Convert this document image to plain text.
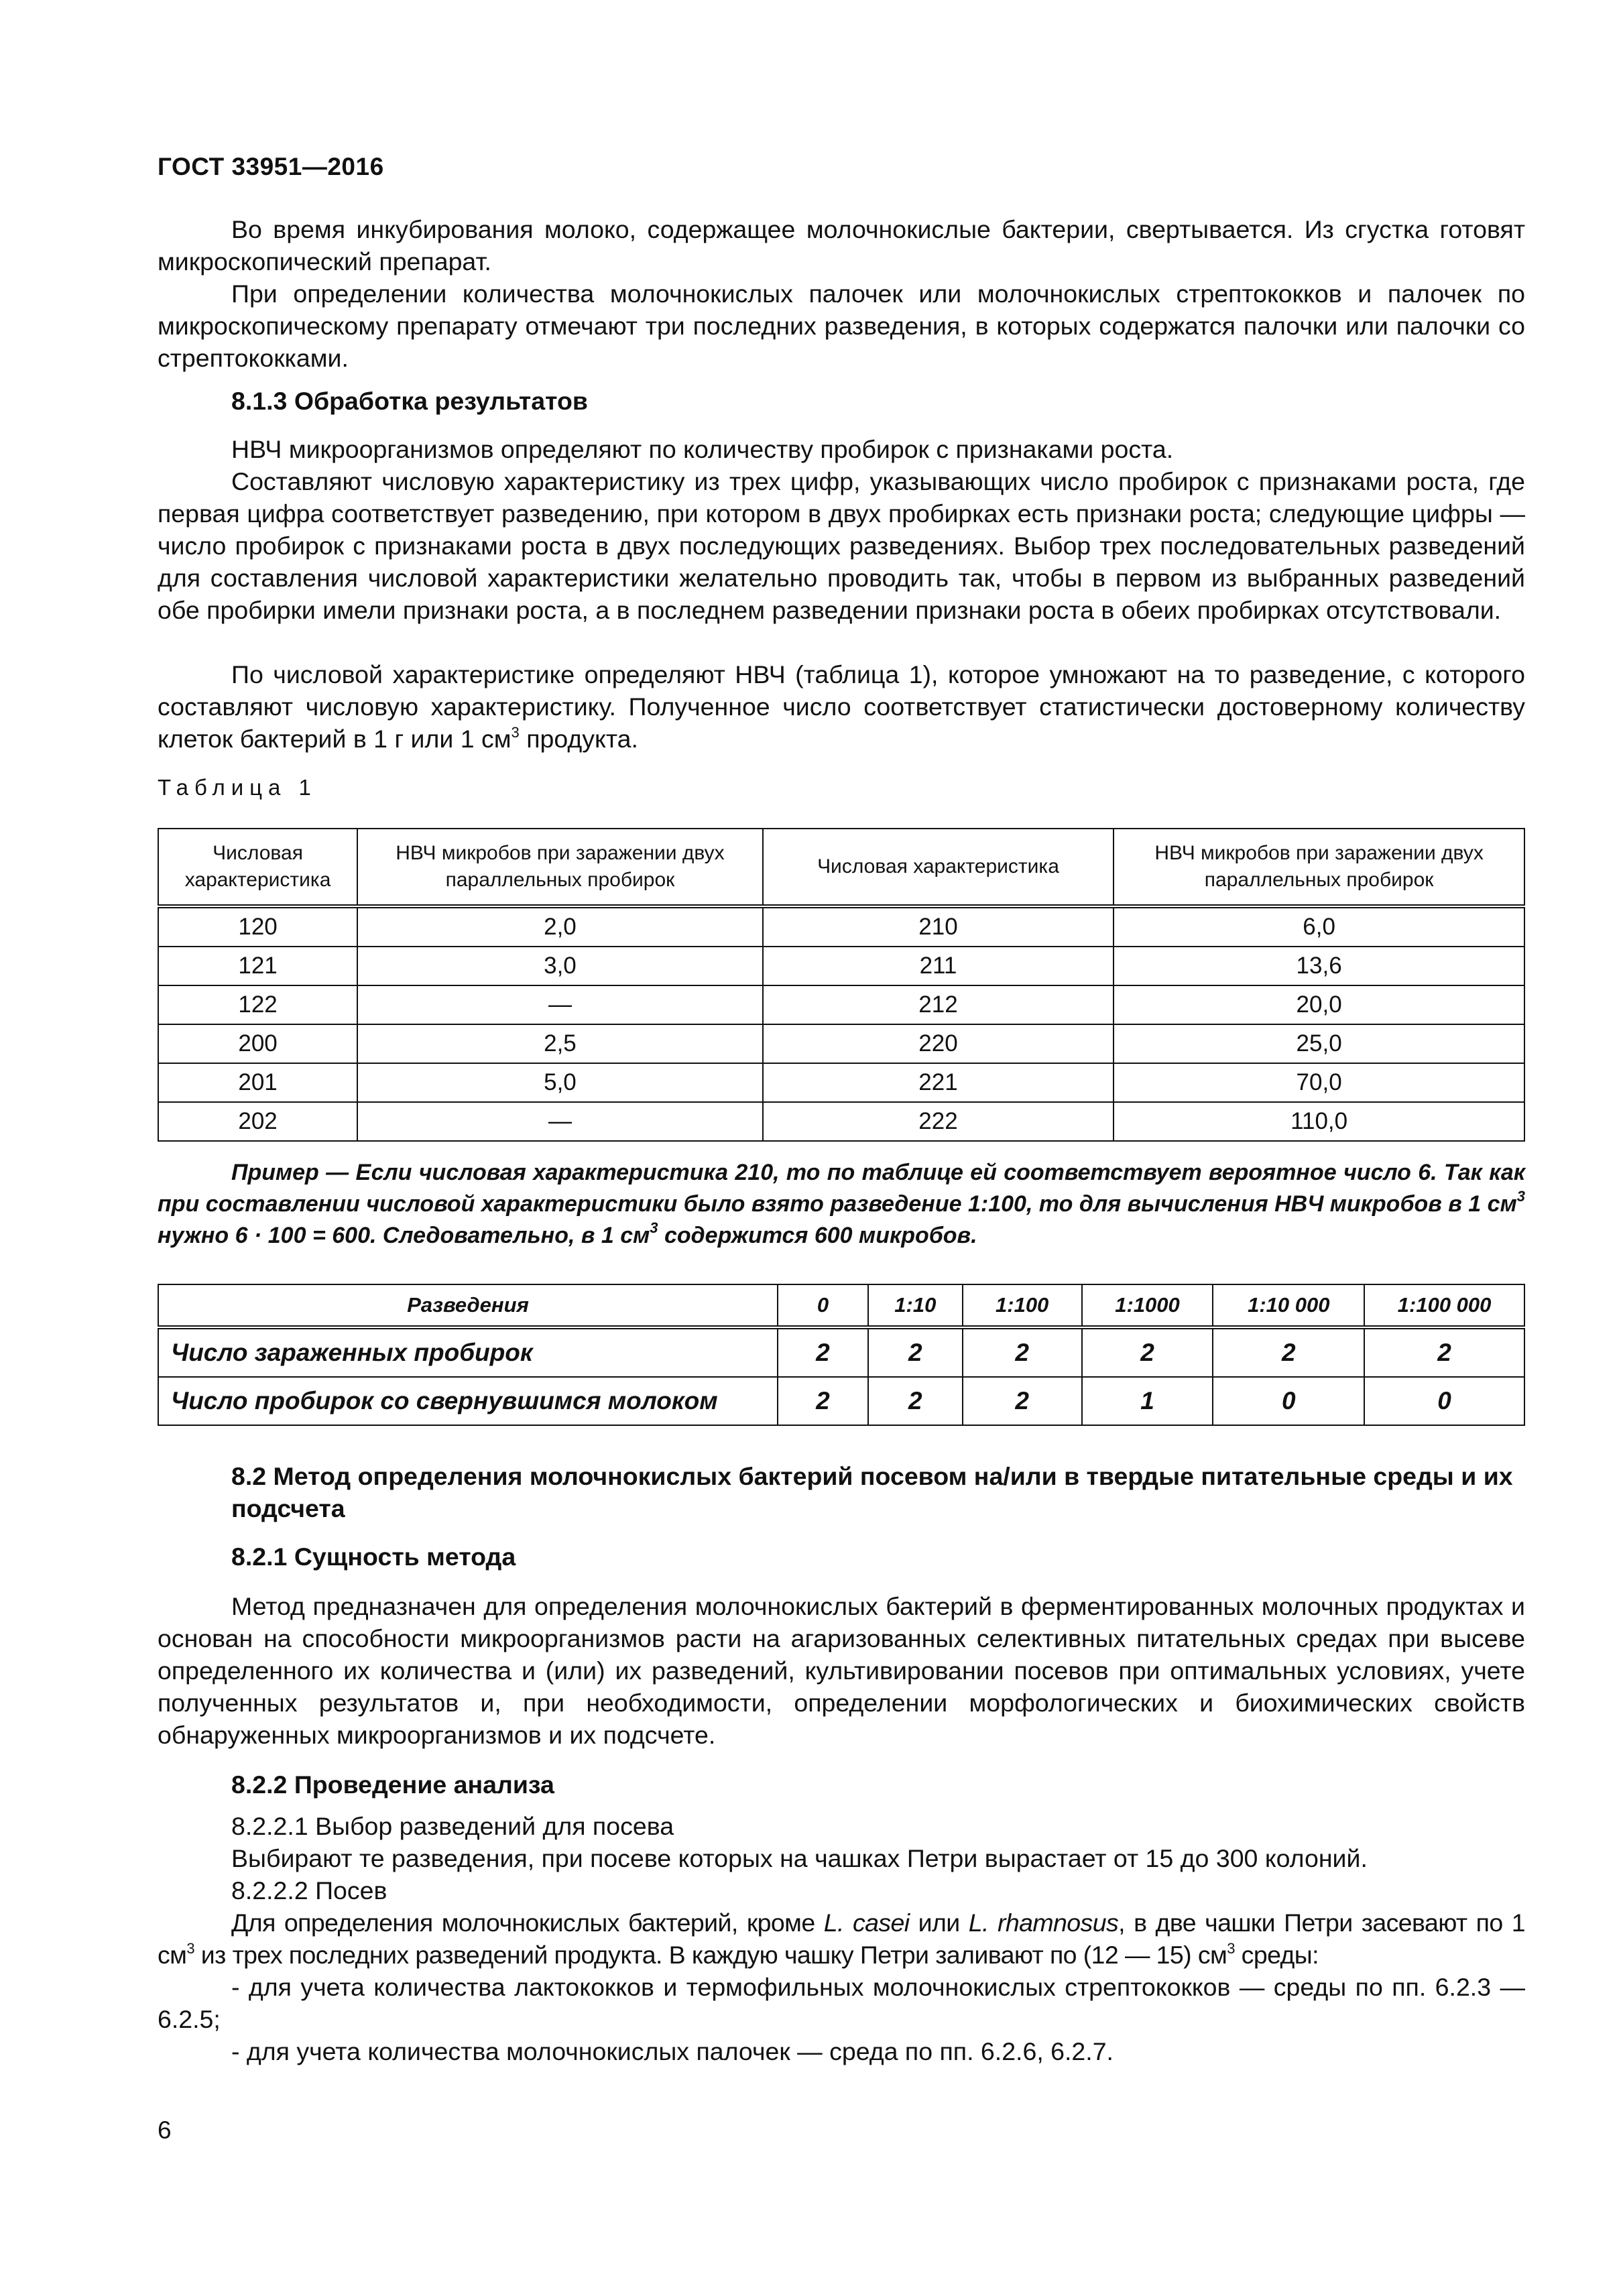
ГОСТ 33951—2016

Во время инкубирования молоко, содержащее молочнокислые бактерии, свертывается. Из сгустка готовят микроскопический препарат.

При определении количества молочнокислых палочек или молочнокислых стрептококков и палочек по микроскопическому препарату отмечают три последних разведения, в которых содержатся палочки или палочки со стрептококками.

8.1.3 Обработка результатов

НВЧ микроорганизмов определяют по количеству пробирок с признаками роста.

Составляют числовую характеристику из трех цифр, указывающих число пробирок с признаками роста, где первая цифра соответствует разведению, при котором в двух пробирках есть признаки роста; следующие цифры — число пробирок с признаками роста в двух последующих разведениях. Выбор трех последовательных разведений для составления числовой характеристики желательно проводить так, чтобы в первом из выбранных разведений обе пробирки имели признаки роста, а в последнем разведении признаки роста в обеих пробирках отсутствовали.

По числовой характеристике определяют НВЧ (таблица 1), которое умножают на то разведение, с которого составляют числовую характеристику. Полученное число соответствует статистически достоверному количеству клеток бактерий в 1 г или 1 $см^3$ продукта.

Таблица 1
Числовая характеристика	НВЧ микробов при заражении двух параллельных пробирок	Числовая характеристика	НВЧ микробов при заражении двух параллельных пробирок
120	2,0	210	6,0
121	3,0	211	13,6
122	—	212	20,0
200	2,5	220	25,0
201	5,0	221	70,0
202	—	222	110,0

Пример — Если числовая характеристика 210, то по таблице ей соответствует вероятное число 6. Так как при составлении числовой характеристики было взято разведение 1:100, то для вычисления НВЧ микробов в 1 $см^3$ нужно 6 · 100 = 600. Следовательно, в 1 $см^3$ содержится 600 микробов.

Разведения	0	1:10	1:100	1:1000	1:10 000	1:100 000
Число зараженных пробирок	2	2	2	2	2	2
Число пробирок со свернувшимся молоком	2	2	2	1	0	0

8.2 Метод определения молочнокислых бактерий посевом на/или в твердые питательные среды и их подсчета

8.2.1 Сущность метода

Метод предназначен для определения молочнокислых бактерий в ферментированных молочных продуктах и основан на способности микроорганизмов расти на агаризованных селективных питательных средах при высеве определенного их количества и (или) их разведений, культивировании посевов при оптимальных условиях, учете полученных результатов и, при необходимости, определении морфологических и биохимических свойств обнаруженных микроорганизмов и их подсчете.

8.2.2 Проведение анализа

8.2.2.1 Выбор разведений для посева

Выбирают те разведения, при посеве которых на чашках Петри вырастает от 15 до 300 колоний.

8.2.2.2 Посев

Для определения молочнокислых бактерий, кроме L. casei или L. rhamnosus, в две чашки Петри засевают по 1 $см^3$ из трех последних разведений продукта. В каждую чашку Петри заливают по (12 — 15) $см^3$ среды:

- для учета количества лактококков и термофильных молочнокислых стрептококков — среды по пп. 6.2.3 — 6.2.5;

- для учета количества молочнокислых палочек — среда по пп. 6.2.6, 6.2.7.

6
